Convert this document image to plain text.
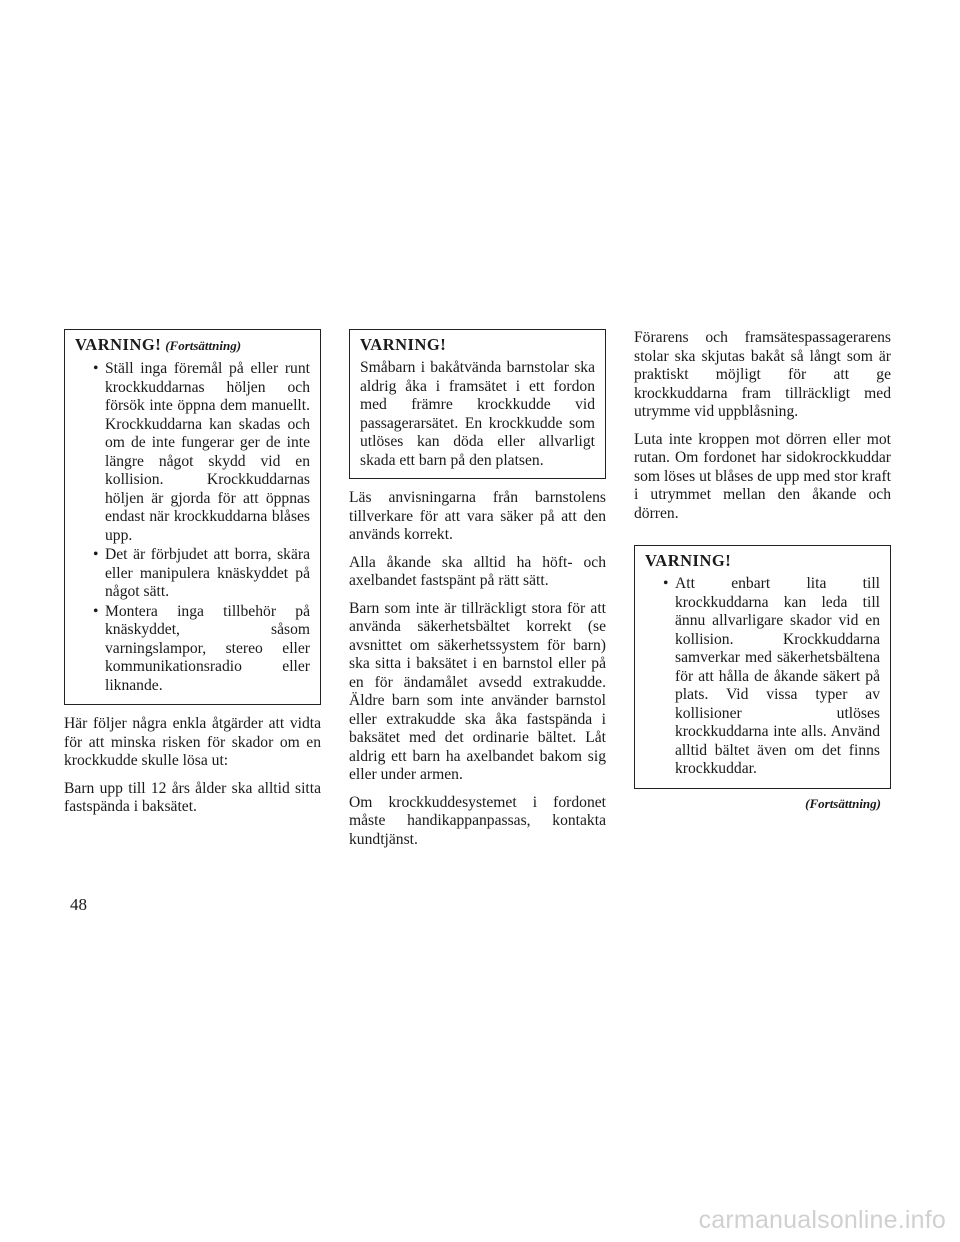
VARNING! (Fortsättning)
• Ställ inga föremål på eller runt krockkuddarnas höljen och försök inte öppna dem manuellt. Krockkuddarna kan skadas och om de inte fungerar ger de inte längre något skydd vid en kollision. Krockkuddarnas höljen är gjorda för att öppnas endast när krockkuddarna blåses upp.
• Det är förbjudet att borra, skära eller manipulera knäskyddet på något sätt.
• Montera inga tillbehör på knäskyddet, såsom varningslampor, stereo eller kommunikationsradio eller liknande.

Här följer några enkla åtgärder att vidta för att minska risken för skador om en krockkudde skulle lösa ut:

Barn upp till 12 års ålder ska alltid sitta fastspända i baksätet.

VARNING!

Småbarn i bakåtvända barnstolar ska aldrig åka i framsätet i ett fordon med främre krockkudde vid passagerarsätet. En krockkudde som utlöses kan döda eller allvarligt skada ett barn på den platsen.

Läs anvisningarna från barnstolens tillverkare för att vara säker på att den används korrekt.

Alla åkande ska alltid ha höft- och axelbandet fastspänt på rätt sätt.

Barn som inte är tillräckligt stora för att använda säkerhetsbältet korrekt (se avsnittet om säkerhetssystem för barn) ska sitta i baksätet i en barnstol eller på en för ändamålet avsedd extrakudde. Äldre barn som inte använder barnstol eller extrakudde ska åka fastspända i baksätet med det ordinarie bältet. Låt aldrig ett barn ha axelbandet bakom sig eller under armen.

Om krockkuddesystemet i fordonet måste handikappanpassas, kontakta kundtjänst.

Förarens och framsätespassagerarens stolar ska skjutas bakåt så långt som är praktiskt möjligt för att ge krockkuddarna fram tillräckligt med utrymme vid uppblåsning.

Luta inte kroppen mot dörren eller mot rutan. Om fordonet har sidokrockkuddar som löses ut blåses de upp med stor kraft i utrymmet mellan den åkande och dörren.

VARNING!
• Att enbart lita till krockkuddarna kan leda till ännu allvarligare skador vid en kollision. Krockkuddarna samverkar med säkerhetsbältena för att hålla de åkande säkert på plats. Vid vissa typer av kollisioner utlöses krockkuddarna inte alls. Använd alltid bältet även om det finns krockkuddar.
(Fortsättning)
48
carmanualsonline.info
